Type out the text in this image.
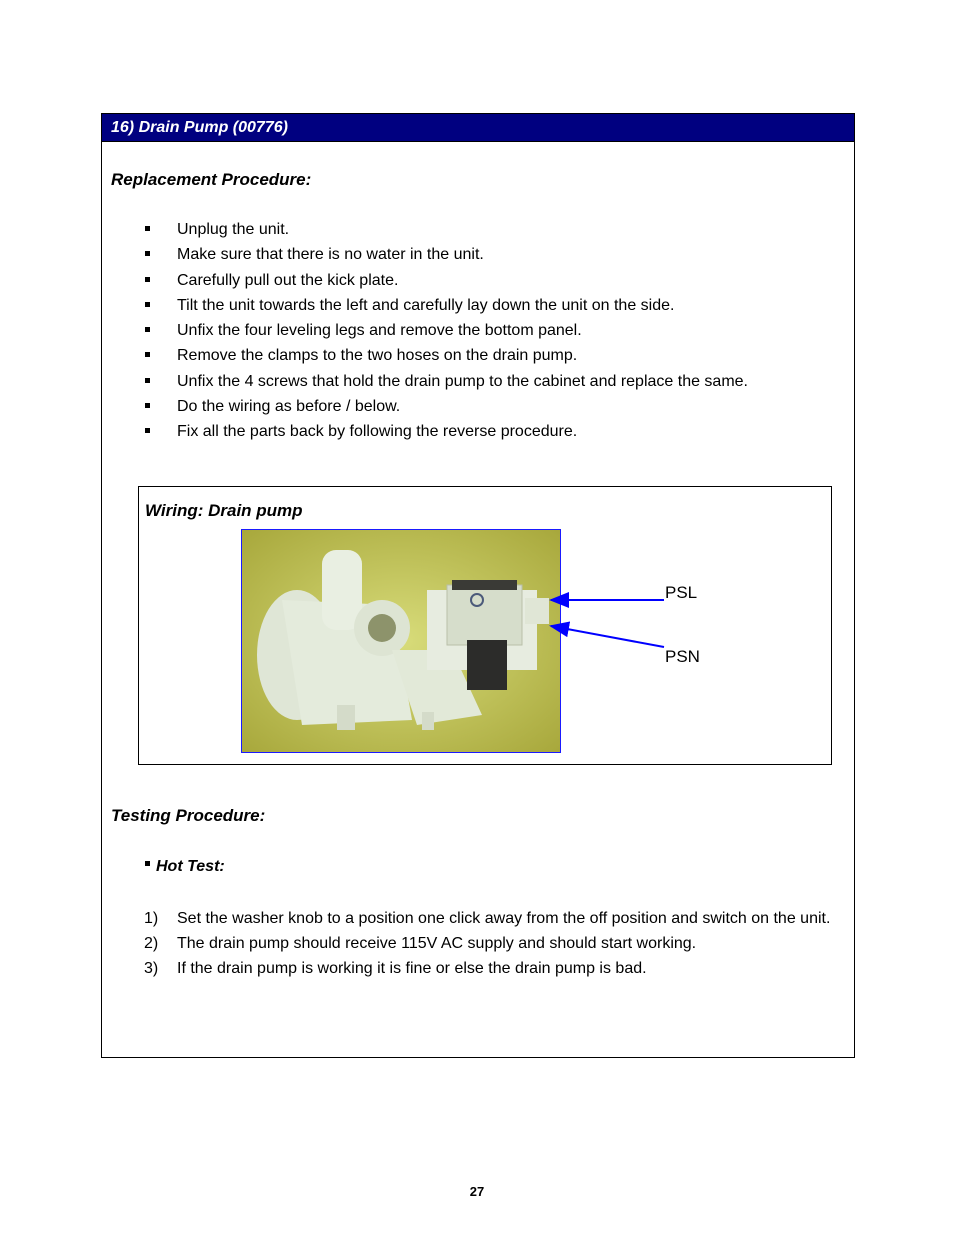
16) Drain Pump (00776)
Replacement Procedure:
Unplug the unit.
Make sure that there is no water in the unit.
Carefully pull out the kick plate.
Tilt the unit towards the left and carefully lay down the unit on the side.
Unfix the four leveling legs and remove the bottom panel.
Remove the clamps to the two hoses on the drain pump.
Unfix the 4 screws that hold the drain pump to the cabinet and replace the same.
Do the wiring as before / below.
Fix all the parts back by following the reverse procedure.
Wiring: Drain pump
PSL
PSN
Testing Procedure:
Hot Test:
1) Set the washer knob to a position one click away from the off position and switch on the unit.
2) The drain pump should receive 115V AC supply and should start working.
3) If the drain pump is working it is fine or else the drain pump is bad.
27
